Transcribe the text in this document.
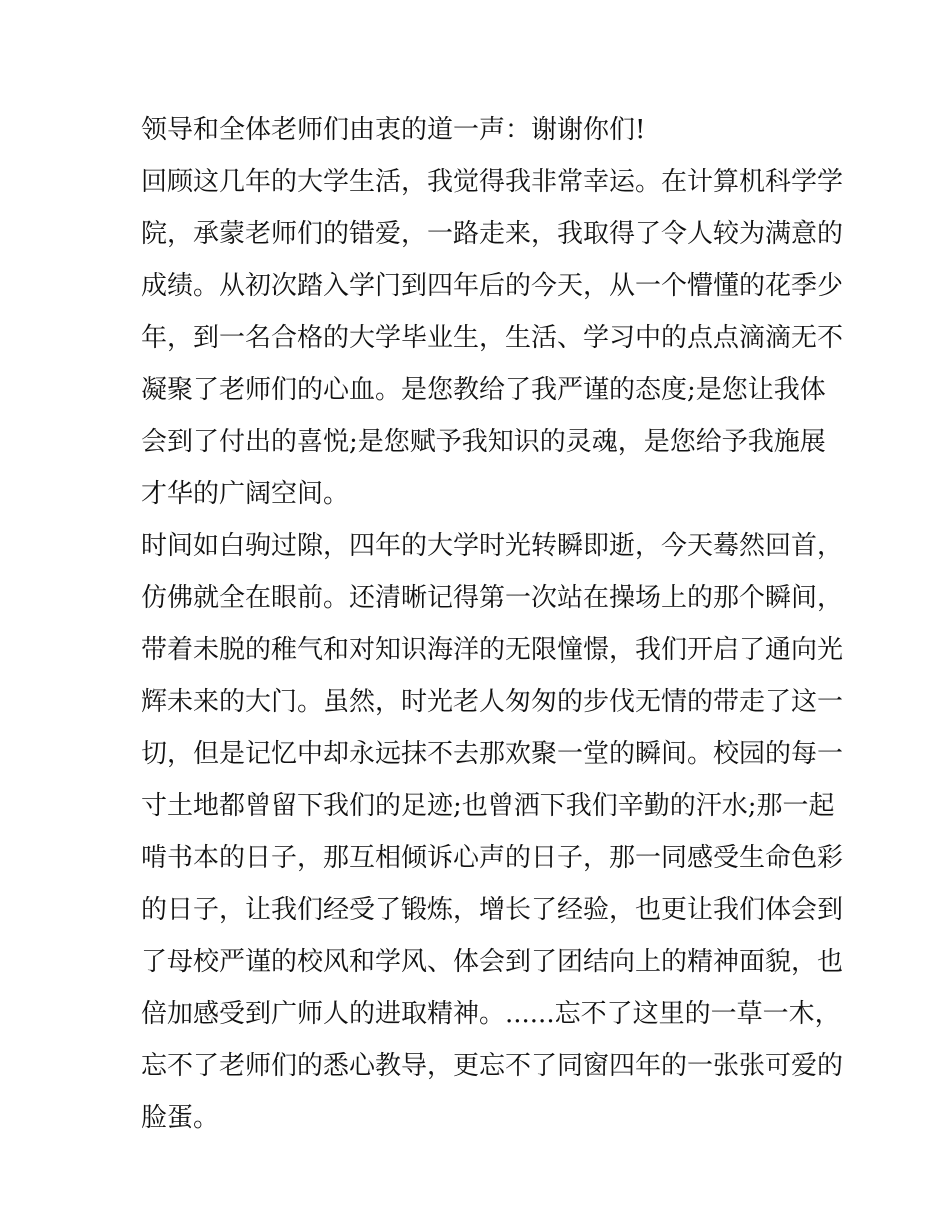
领导和全体老师们由衷的道一声：谢谢你们!
回顾这几年的大学生活，我觉得我非常幸运。在计算机科学学
院，承蒙老师们的错爱，一路走来，我取得了令人较为满意的
成绩。从初次踏入学门到四年后的今天，从一个懵懂的花季少
年，到一名合格的大学毕业生，生活、学习中的点点滴滴无不
凝聚了老师们的心血。是您教给了我严谨的态度;是您让我体
会到了付出的喜悦;是您赋予我知识的灵魂，是您给予我施展
才华的广阔空间。
时间如白驹过隙，四年的大学时光转瞬即逝，今天蓦然回首，
仿佛就全在眼前。还清晰记得第一次站在操场上的那个瞬间，
带着未脱的稚气和对知识海洋的无限憧憬，我们开启了通向光
辉未来的大门。虽然，时光老人匆匆的步伐无情的带走了这一
切，但是记忆中却永远抹不去那欢聚一堂的瞬间。校园的每一
寸土地都曾留下我们的足迹;也曾洒下我们辛勤的汗水;那一起
啃书本的日子，那互相倾诉心声的日子，那一同感受生命色彩
的日子，让我们经受了锻炼，增长了经验，也更让我们体会到
了母校严谨的校风和学风、体会到了团结向上的精神面貌，也
倍加感受到广师人的进取精神。......忘不了这里的一草一木，
忘不了老师们的悉心教导，更忘不了同窗四年的一张张可爱的
脸蛋。
